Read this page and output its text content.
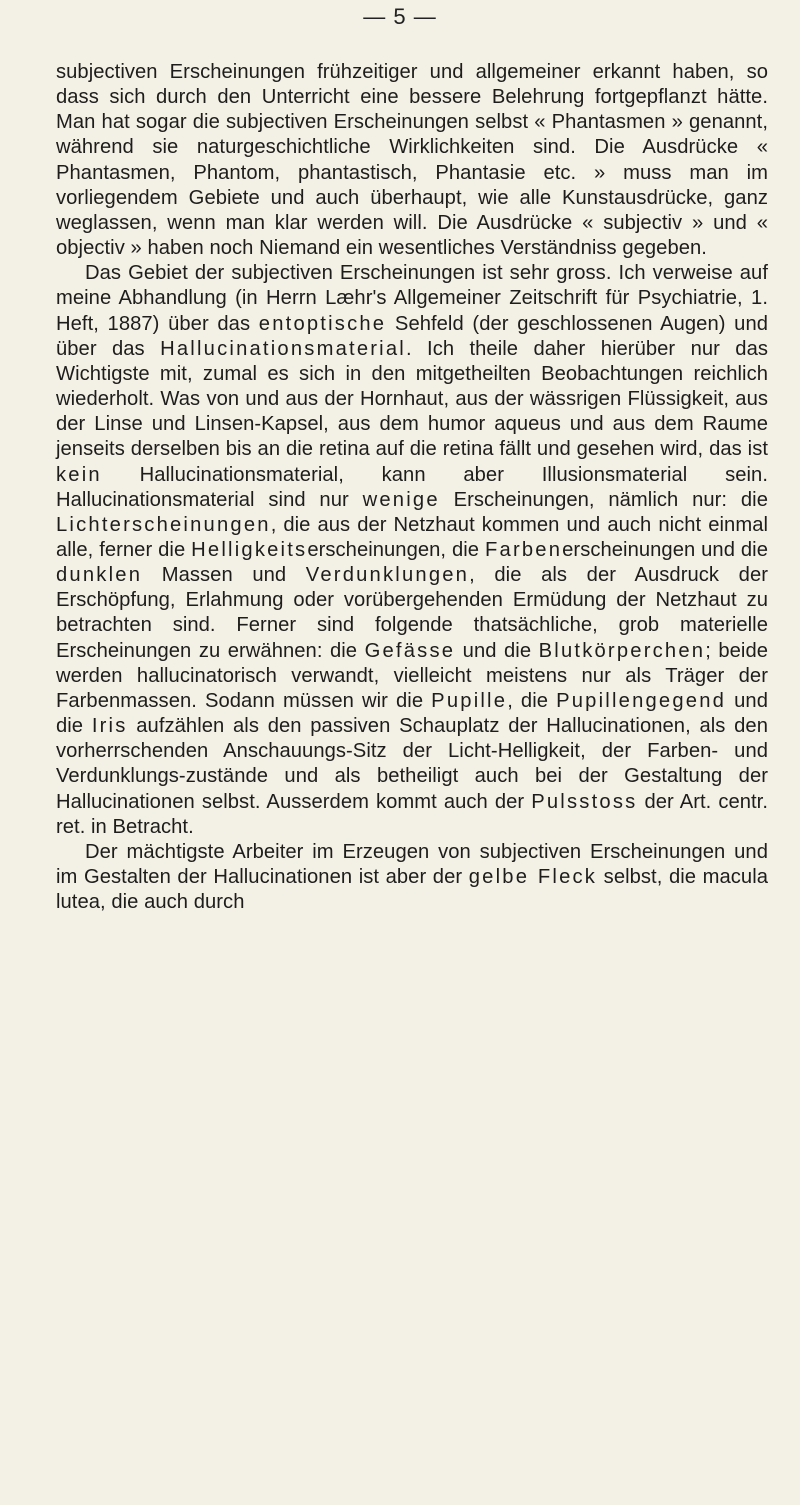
— 5 —

subjectiven Erscheinungen frühzeitiger und allgemeiner erkannt haben, so dass sich durch den Unterricht eine bessere Belehrung fortgepflanzt hätte. Man hat sogar die subjectiven Erscheinungen selbst « Phantasmen » genannt, während sie naturgeschichtliche Wirklichkeiten sind. Die Ausdrücke « Phantasmen, Phantom, phantastisch, Phantasie etc. » muss man im vorliegendem Gebiete und auch überhaupt, wie alle Kunstausdrücke, ganz weglassen, wenn man klar werden will. Die Ausdrücke « subjectiv » und « objectiv » haben noch Niemand ein wesentliches Verständniss gegeben.

Das Gebiet der subjectiven Erscheinungen ist sehr gross. Ich verweise auf meine Abhandlung (in Herrn Læhr's Allgemeiner Zeitschrift für Psychiatrie, 1. Heft, 1887) über das entoptische Sehfeld (der geschlossenen Augen) und über das Hallucinationsmaterial. Ich theile daher hierüber nur das Wichtigste mit, zumal es sich in den mitgetheilten Beobachtungen reichlich wiederholt. Was von und aus der Hornhaut, aus der wässrigen Flüssigkeit, aus der Linse und Linsen-Kapsel, aus dem humor aqueus und aus dem Raume jenseits derselben bis an die retina auf die retina fällt und gesehen wird, das ist kein Hallucinationsmaterial, kann aber Illusionsmaterial sein. Hallucinationsmaterial sind nur wenige Erscheinungen, nämlich nur: die Lichterscheinungen, die aus der Netzhaut kommen und auch nicht einmal alle, ferner die Helligkeitserscheinungen, die Farbenerscheinungen und die dunklen Massen und Verdunklungen, die als der Ausdruck der Erschöpfung, Erlahmung oder vorübergehenden Ermüdung der Netzhaut zu betrachten sind. Ferner sind folgende thatsächliche, grob materielle Erscheinungen zu erwähnen: die Gefässe und die Blutkörperchen; beide werden hallucinatorisch verwandt, vielleicht meistens nur als Träger der Farbenmassen. Sodann müssen wir die Pupille, die Pupillengegend und die Iris aufzählen als den passiven Schauplatz der Hallucinationen, als den vorherrschenden Anschauungs-Sitz der Licht-Helligkeit, der Farben- und Verdunklungs-zustände und als betheiligt auch bei der Gestaltung der Hallucinationen selbst. Ausserdem kommt auch der Pulsstoss der Art. centr. ret. in Betracht.

Der mächtigste Arbeiter im Erzeugen von subjectiven Erscheinungen und im Gestalten der Hallucinationen ist aber der gelbe Fleck selbst, die macula lutea, die auch durch
